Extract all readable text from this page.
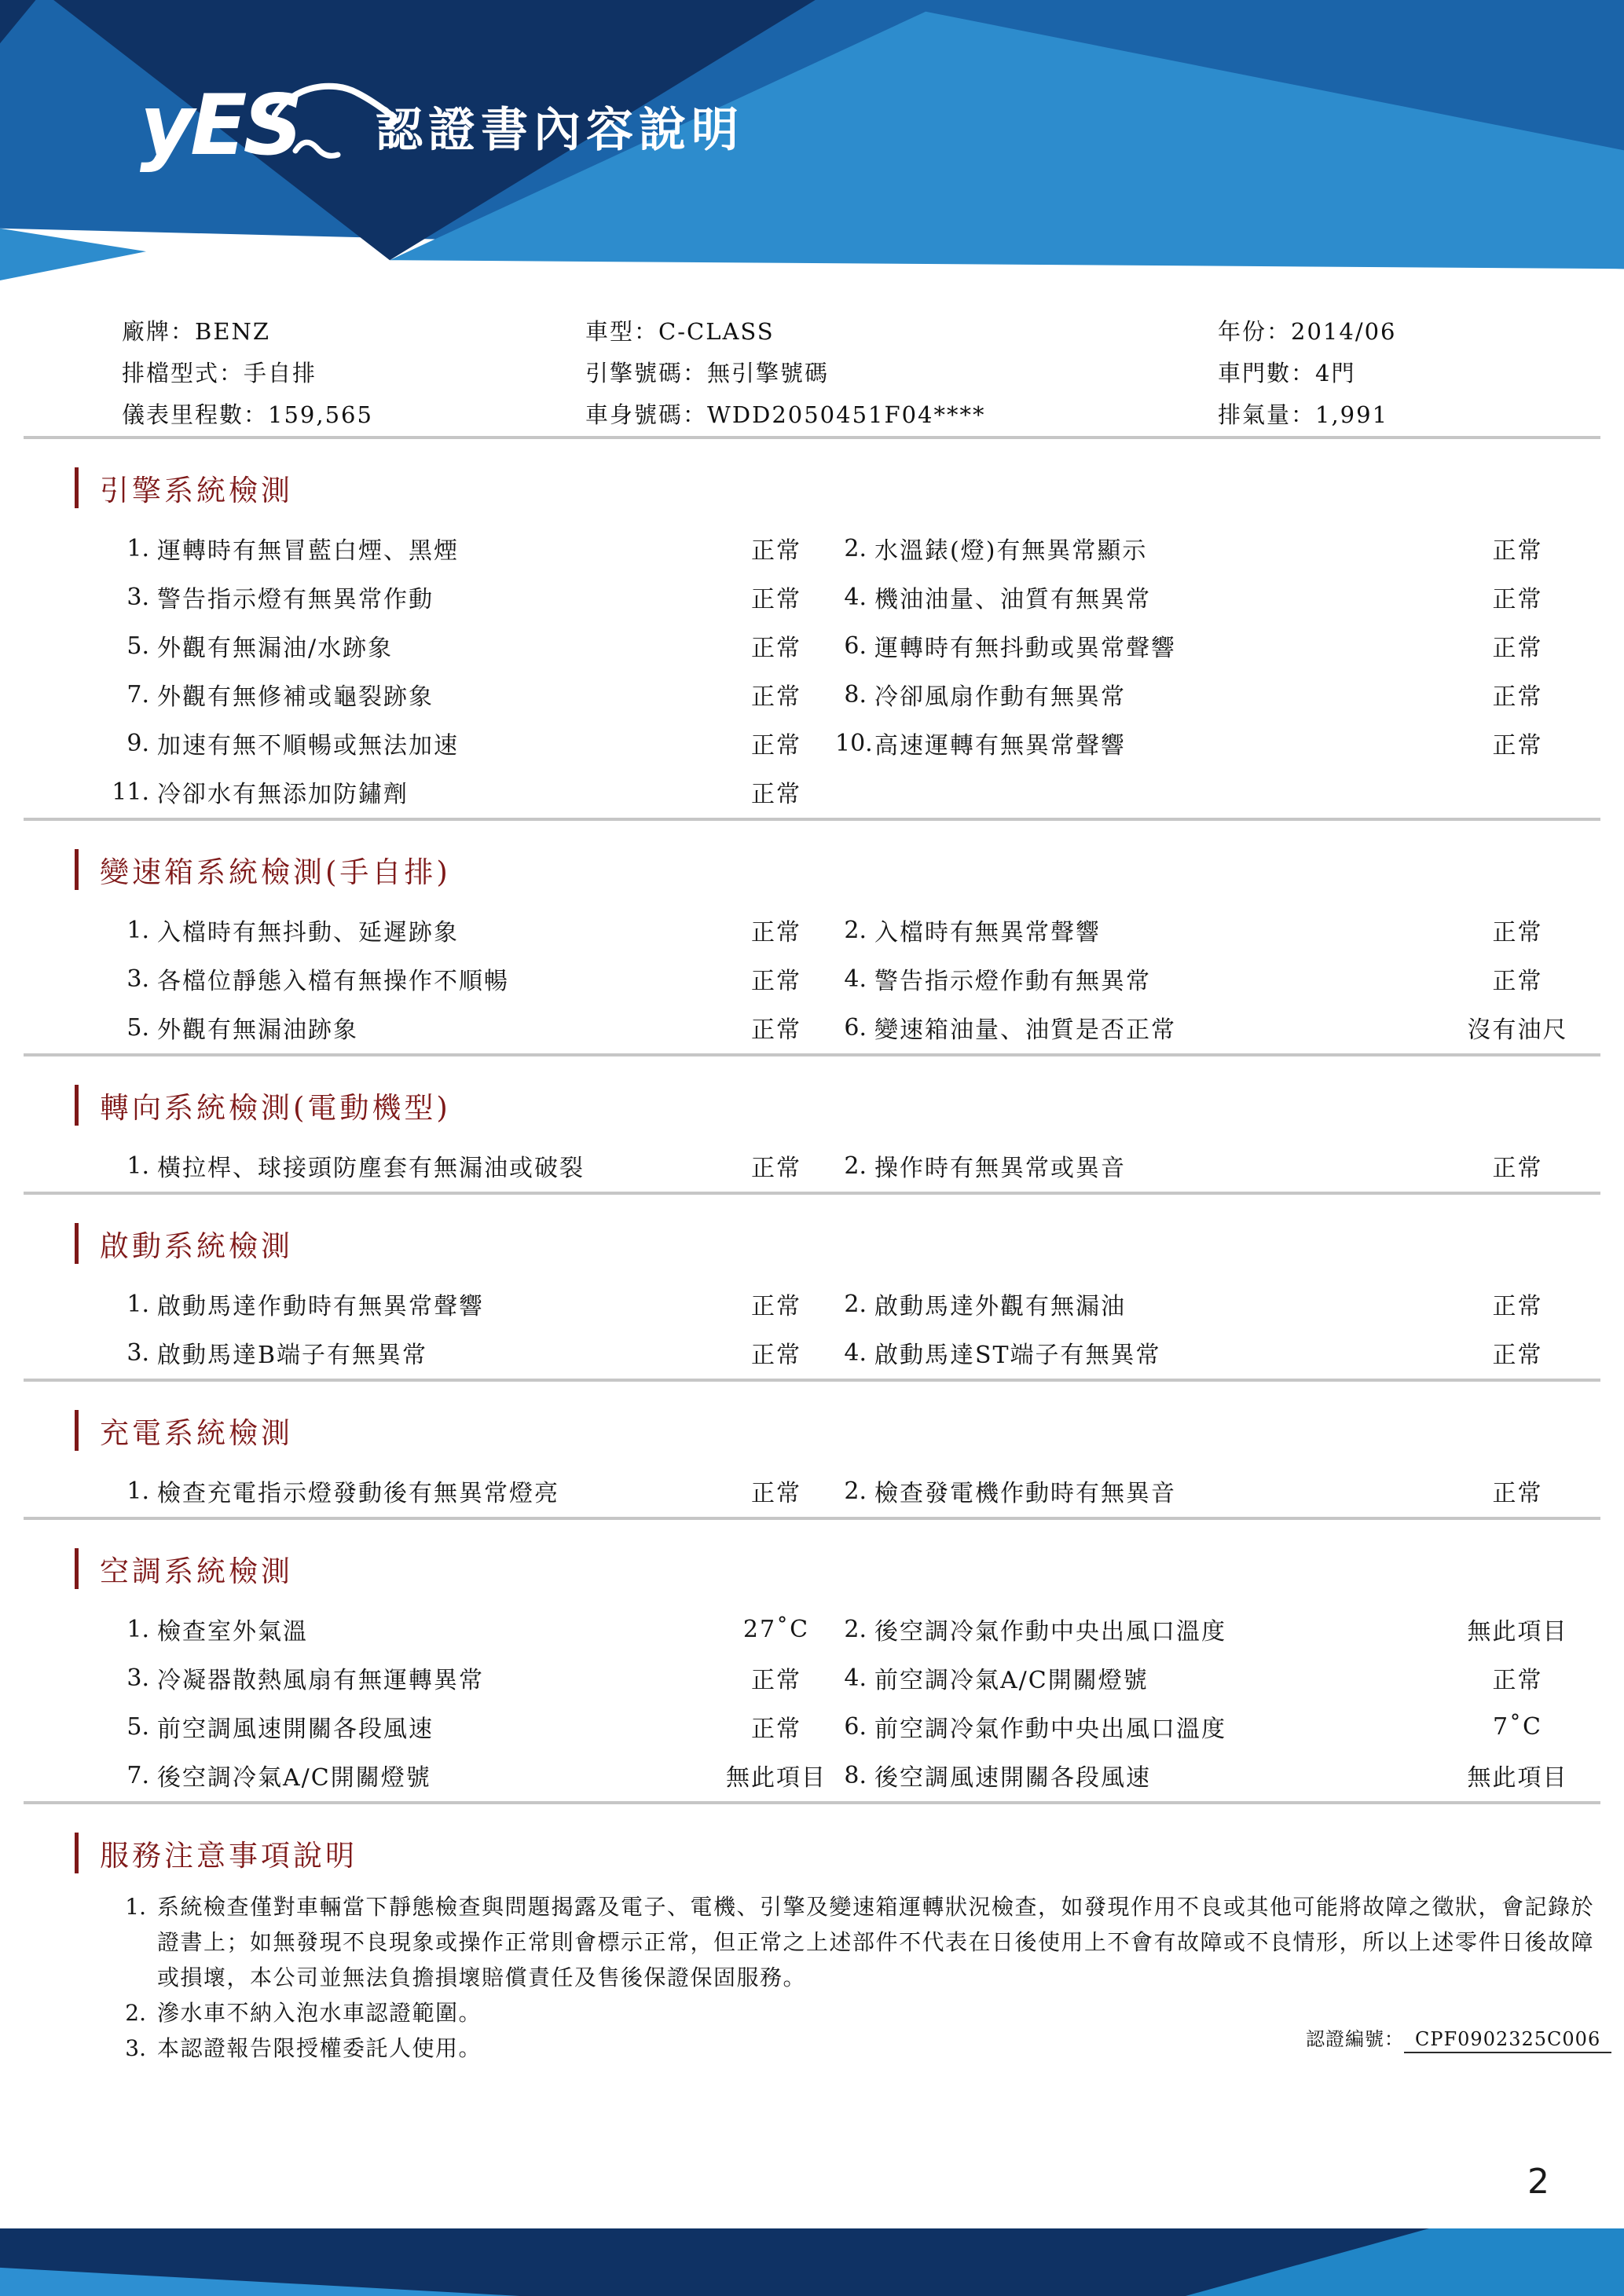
yES 認證書內容說明
廠牌：BENZ	車型：C-CLASS	年份：2014/06
排檔型式：手自排	引擎號碼：無引擎號碼	車門數：4門
儀表里程數：159,565	車身號碼：WDD2050451F04****	排氣量：1,991
引擎系統檢測
1. 運轉時有無冒藍白煙、黑煙	正常	2. 水溫錶(燈)有無異常顯示	正常
3. 警告指示燈有無異常作動	正常	4. 機油油量、油質有無異常	正常
5. 外觀有無漏油/水跡象	正常	6. 運轉時有無抖動或異常聲響	正常
7. 外觀有無修補或龜裂跡象	正常	8. 冷卻風扇作動有無異常	正常
9. 加速有無不順暢或無法加速	正常	10. 高速運轉有無異常聲響	正常
11. 冷卻水有無添加防鏽劑	正常
變速箱系統檢測(手自排)
1. 入檔時有無抖動、延遲跡象	正常	2. 入檔時有無異常聲響	正常
3. 各檔位靜態入檔有無操作不順暢	正常	4. 警告指示燈作動有無異常	正常
5. 外觀有無漏油跡象	正常	6. 變速箱油量、油質是否正常	沒有油尺
轉向系統檢測(電動機型)
1. 橫拉桿、球接頭防塵套有無漏油或破裂	正常	2. 操作時有無異常或異音	正常
啟動系統檢測
1. 啟動馬達作動時有無異常聲響	正常	2. 啟動馬達外觀有無漏油	正常
3. 啟動馬達B端子有無異常	正常	4. 啟動馬達ST端子有無異常	正常
充電系統檢測
1. 檢查充電指示燈發動後有無異常燈亮	正常	2. 檢查發電機作動時有無異音	正常
空調系統檢測
1. 檢查室外氣溫	27˚C	2. 後空調冷氣作動中央出風口溫度	無此項目
3. 冷凝器散熱風扇有無運轉異常	正常	4. 前空調冷氣A/C開關燈號	正常
5. 前空調風速開關各段風速	正常	6. 前空調冷氣作動中央出風口溫度	7˚C
7. 後空調冷氣A/C開關燈號	無此項目 8. 後空調風速開關各段風速	無此項目
服務注意事項說明
1. 系統檢查僅對車輛當下靜態檢查與問題揭露及電子、電機、引擎及變速箱運轉狀況檢查，如發現作用不良或其他可能將故障之徵狀，會記錄於證書上；如無發現不良現象或操作正常則會標示正常，但正常之上述部件不代表在日後使用上不會有故障或不良情形，所以上述零件日後故障或損壞，本公司並無法負擔損壞賠償責任及售後保證保固服務。
2. 滲水車不納入泡水車認證範圍。
3. 本認證報告限授權委託人使用。	認證編號： CPF0902325C006
2
